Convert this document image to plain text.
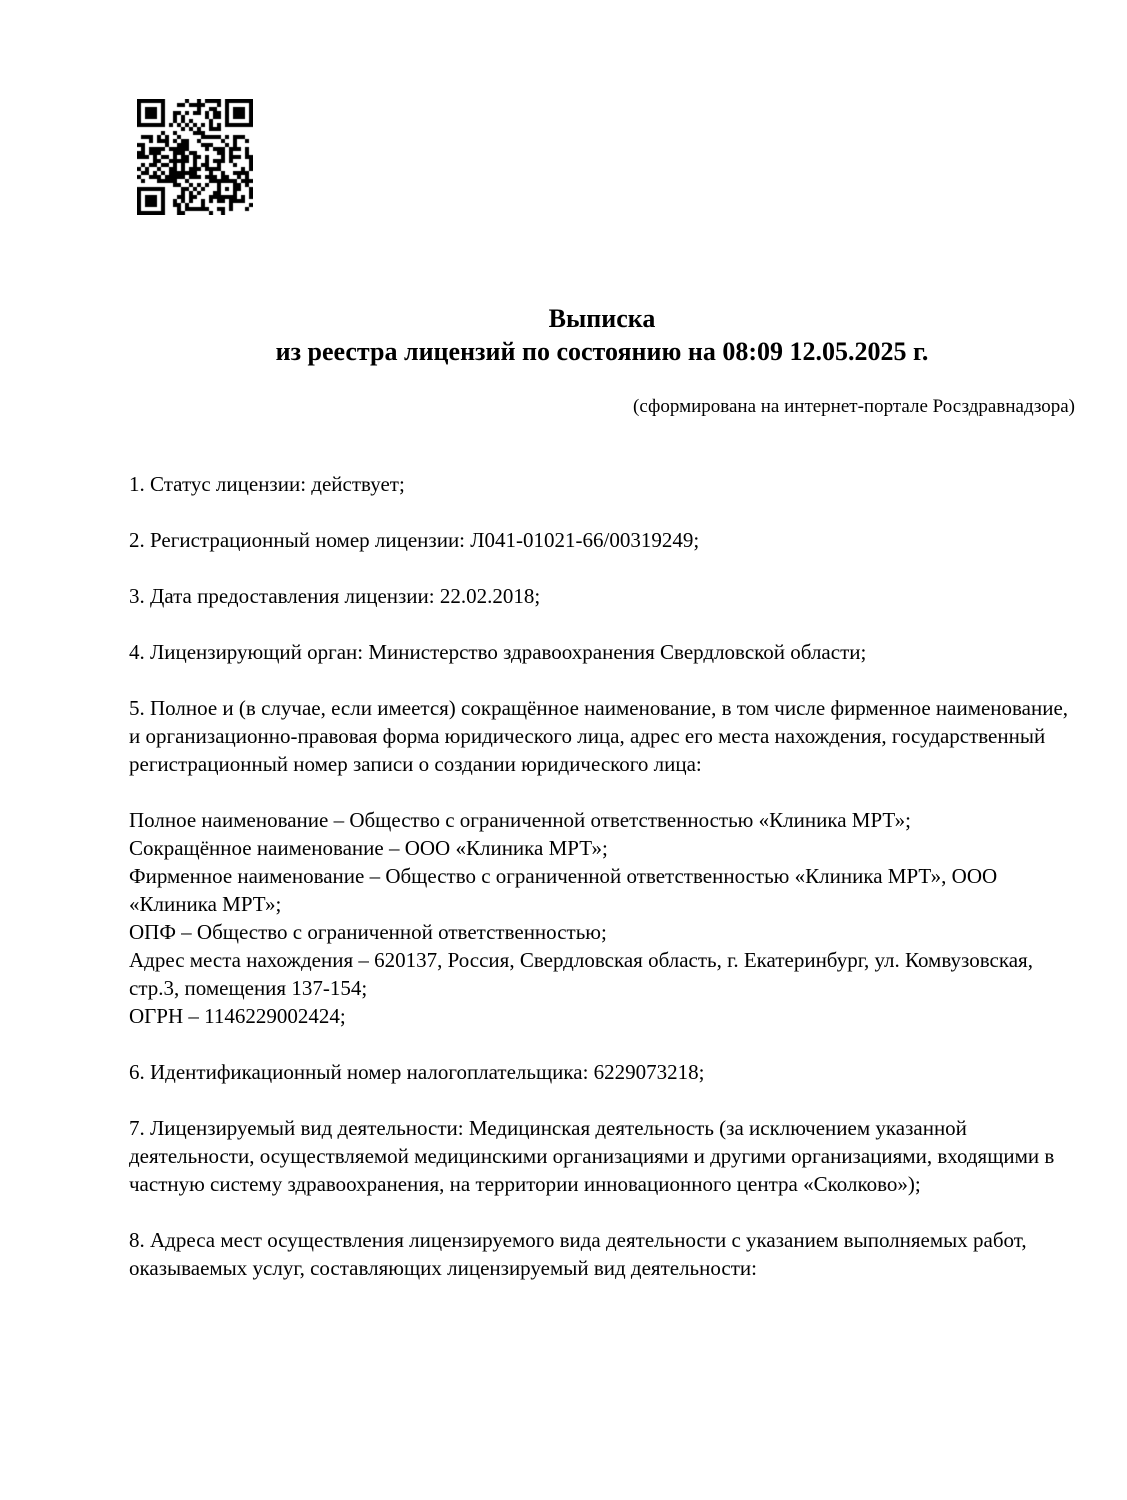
Выписка
из реестра лицензий по состоянию на 08:09 12.05.2025 г.
(сформирована на интернет-портале Росздравнадзора)

1. Статус лицензии: действует;

2. Регистрационный номер лицензии: Л041-01021-66/00319249;

3. Дата предоставления лицензии: 22.02.2018;

4. Лицензирующий орган: Министерство здравоохранения Свердловской области;

5. Полное и (в случае, если имеется) сокращённое наименование, в том числе фирменное наименование, и организационно-правовая форма юридического лица, адрес его места нахождения, государственный регистрационный номер записи о создании юридического лица:

Полное наименование – Общество с ограниченной ответственностью «Клиника МРТ»;
Сокращённое наименование – ООО «Клиника МРТ»;
Фирменное наименование – Общество с ограниченной ответственностью «Клиника МРТ», ООО «Клиника МРТ»;
ОПФ – Общество с ограниченной ответственностью;
Адрес места нахождения – 620137, Россия, Свердловская область, г. Екатеринбург, ул. Комвузовская, стр.3, помещения 137-154;
ОГРН – 1146229002424;

6. Идентификационный номер налогоплательщика: 6229073218;

7. Лицензируемый вид деятельности: Медицинская деятельность (за исключением указанной деятельности, осуществляемой медицинскими организациями и другими организациями, входящими в частную систему здравоохранения, на территории инновационного центра «Сколково»);

8. Адреса мест осуществления лицензируемого вида деятельности с указанием выполняемых работ, оказываемых услуг, составляющих лицензируемый вид деятельности:
